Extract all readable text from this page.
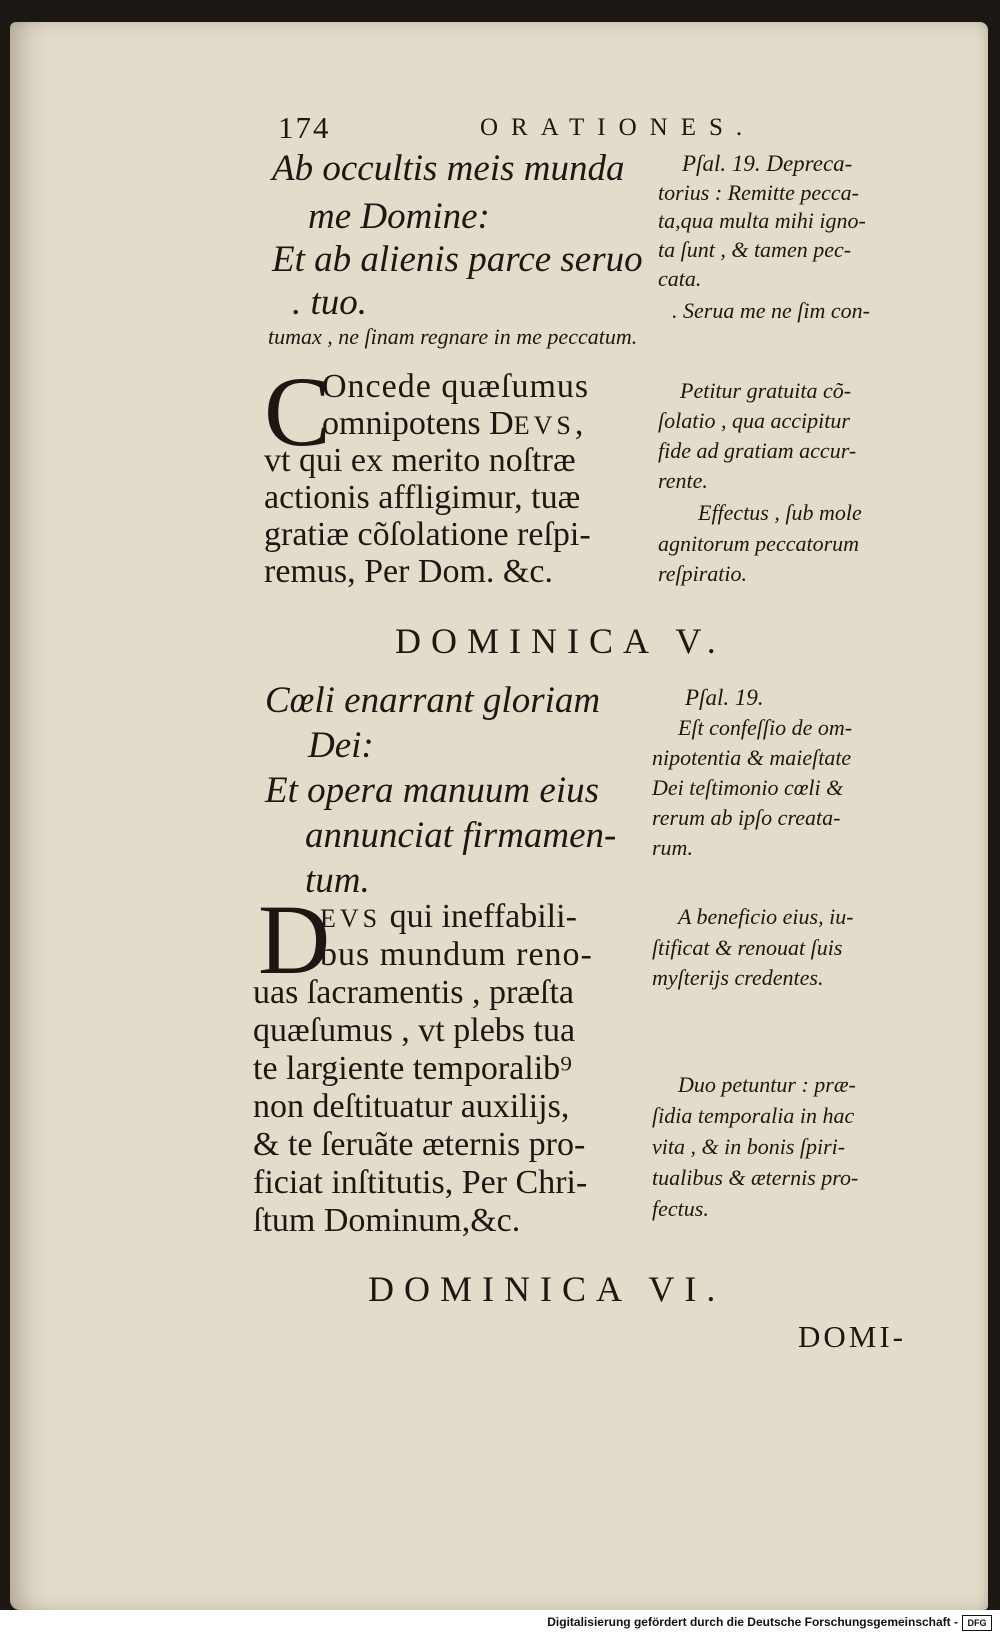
174	ORATIONES.
Ab occultis meis munda
me Domine:
Et ab alienis parce seruo
. tuo.
tumax , ne ſinam regnare in me peccatum.
Pſal. 19. Depreca-
torius : Remitte pecca-
ta,qua multa mihi igno-
ta ſunt , & tamen pec-
cata.
. Serua me ne ſim con-
C
Oncede quæſumus
omnipotens DEVS,
vt qui ex merito noſtræ
actionis affligimur, tuæ
gratiæ cõſolatione reſpi-
remus, Per Dom. &c.
Petitur gratuita cõ-
ſolatio , qua accipitur
fide ad gratiam accur-
rente.
Effectus , ſub mole
agnitorum peccatorum
reſpiratio.
DOMINICA V.
Cœli enarrant gloriam
Dei:
Et opera manuum eius
annunciat firmamen-
tum.
Pſal. 19.
Eſt confeſſio de om-
nipotentia & maieſtate
Dei teſtimonio cœli &
rerum ab ipſo creata-
rum.
D
EVS qui ineffabili-
bus mundum reno-
uas ſacramentis , præſta
quæſumus , vt plebs tua
te largiente temporalib⁹
non deſtituatur auxilijs,
& te ſeruãte æternis pro-
ficiat inſtitutis, Per Chri-
ſtum Dominum,&c.
A beneficio eius, iu-
ſtificat & renouat ſuis
myſterijs credentes.
Duo petuntur : præ-
ſidia temporalia in hac
vita , & in bonis ſpiri-
tualibus & æternis pro-
fectus.
DOMINICA VI.
DOMI-
Digitalisierung gefördert durch die Deutsche Forschungsgemeinschaft -	DFG
